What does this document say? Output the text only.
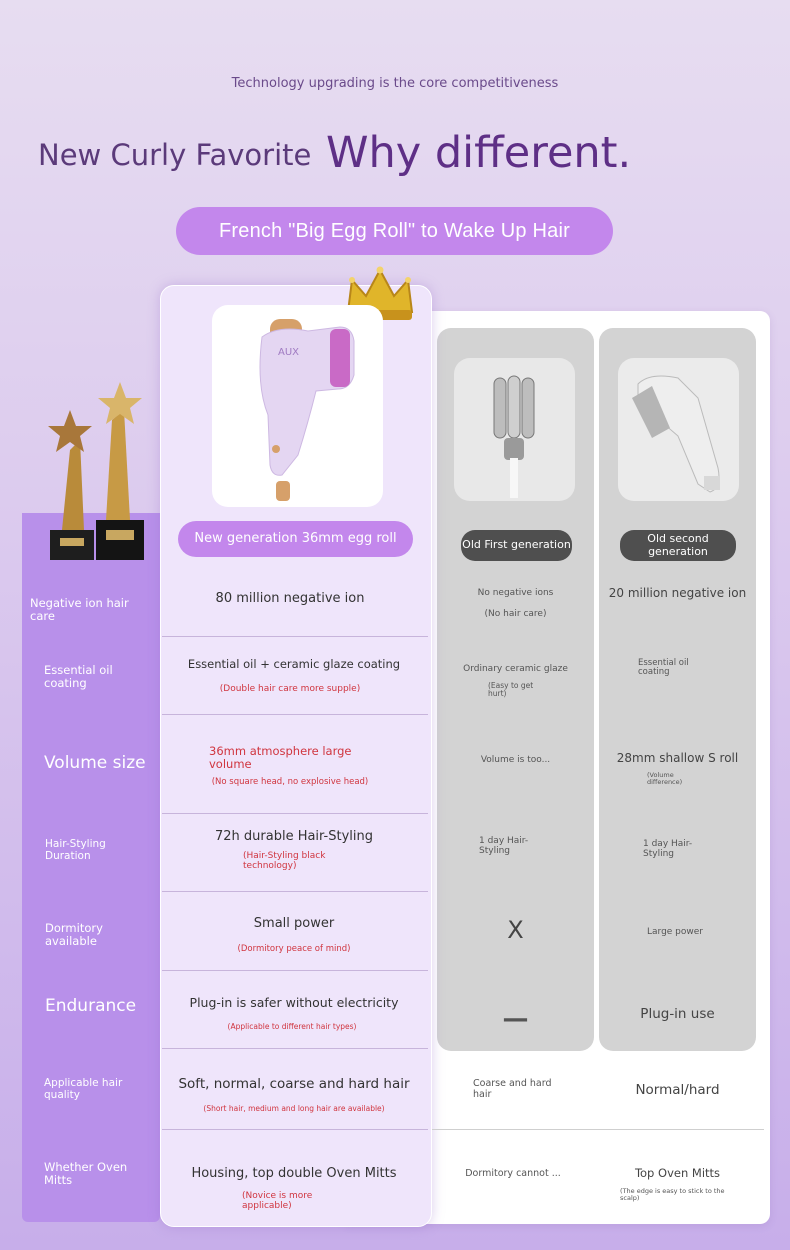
Technology upgrading is the core competitiveness
New Curly Favorite Why different.
French "Big Egg Roll" to Wake Up Hair
AUX
New generation 36mm egg roll	Old First generation	Old second generation
Negative ion hair care
Essential oil coating
Volume size
Hair-Styling Duration
Dormitory available
Endurance
Applicable hair quality
Whether Oven Mitts
80 million negative ion
Essential oil + ceramic glaze coating
(Double hair care more supple)
36mm atmosphere large volume
(No square head, no explosive head)
72h durable Hair-Styling
(Hair-Styling black technology)
Small power
(Dormitory peace of mind)
Plug-in is safer without electricity
(Applicable to different hair types)
Soft, normal, coarse and hard hair
(Short hair, medium and long hair are available)
Housing, top double Oven Mitts
(Novice is more applicable)
No negative ions
(No hair care)
Ordinary ceramic glaze
(Easy to get hurt)
Volume is too...
1 day Hair-Styling
X
—
Coarse and hard hair
Dormitory cannot ...
20 million negative ion
Essential oil coating
28mm shallow S roll
(Volume difference)
1 day Hair-Styling
Large power
Plug-in use
Normal/hard
Top Oven Mitts
(The edge is easy to stick to the scalp)
